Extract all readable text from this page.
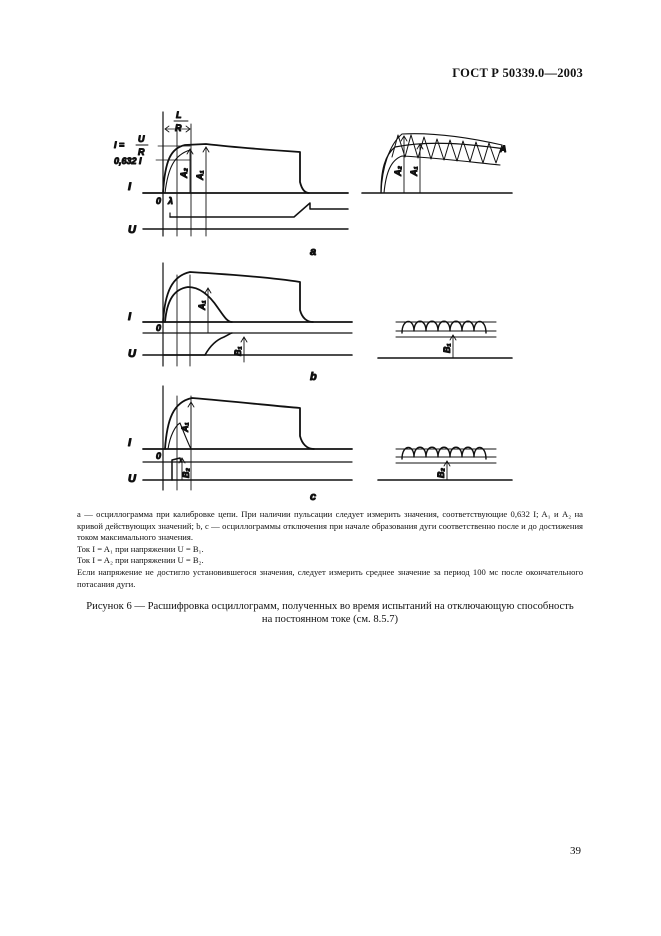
ГОСТ Р 50339.0—2003
L
R
I =
U
R
0,632 I
I
0 λ
U
A₁
A₂
a
A₂ A₁
A
I
0
U
A₁
B₁
b
B₁
I
0
U
A₁
B₂
c
B₂

a — осциллограмма при калибровке цепи. При наличии пульсации следует измерить значения, соответствующие 0,632 I; A₁ и A₂ на кривой действующих значений; b, c — осциллограммы отключения при начале образования дуги соответственно после и до достижения током максимального значения.

Ток I = A₁ при напряжении U = B₁.

Ток I = A₂ при напряжении U = B₂.

Если напряжение не достигло установившегося значения, следует измерить среднее значение за период 100 мс после окончательного потасания дуги.

Рисунок 6 — Расшифровка осциллограмм, полученных во время испытаний на отключающую способность
на постоянном токе (см. 8.5.7)
39
